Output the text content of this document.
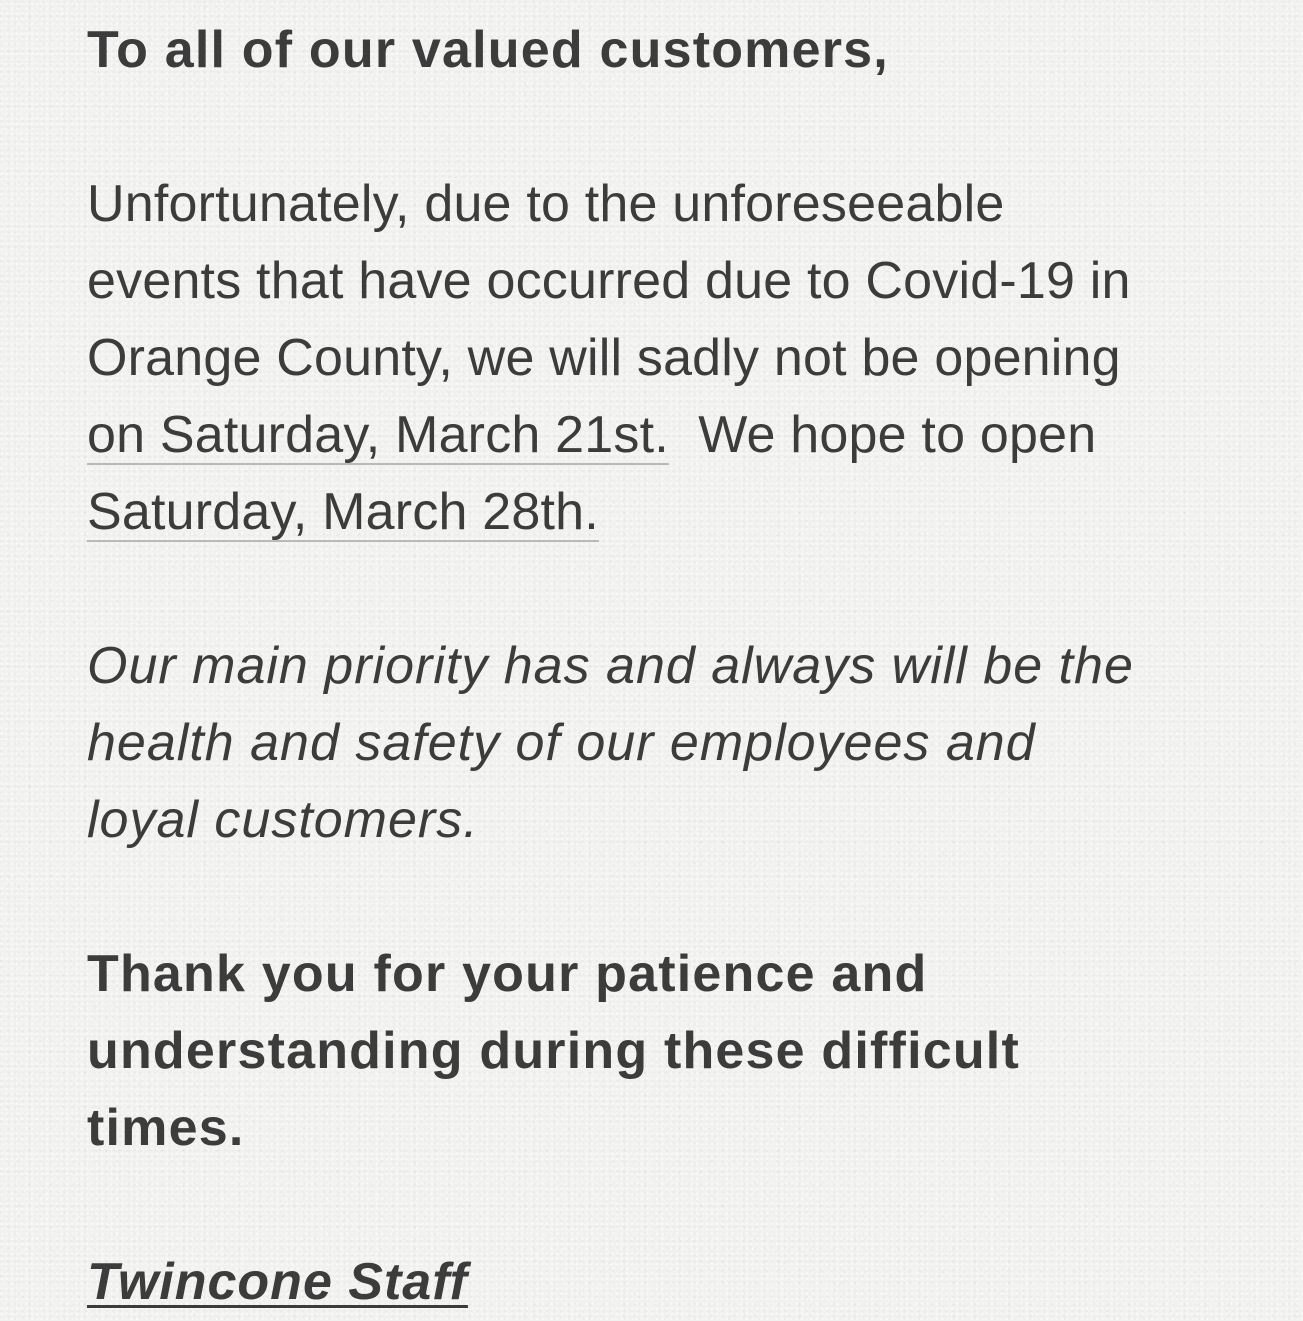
To all of our valued customers,
Unfortunately, due to the unforeseeable
events that have occurred due to Covid-19 in
Orange County, we will sadly not be opening
on Saturday, March 21st.  We hope to open
Saturday, March 28th.
Our main priority has and always will be the
health and safety of our employees and
loyal customers.
Thank you for your patience and
understanding during these difficult
times.
Twincone Staff
